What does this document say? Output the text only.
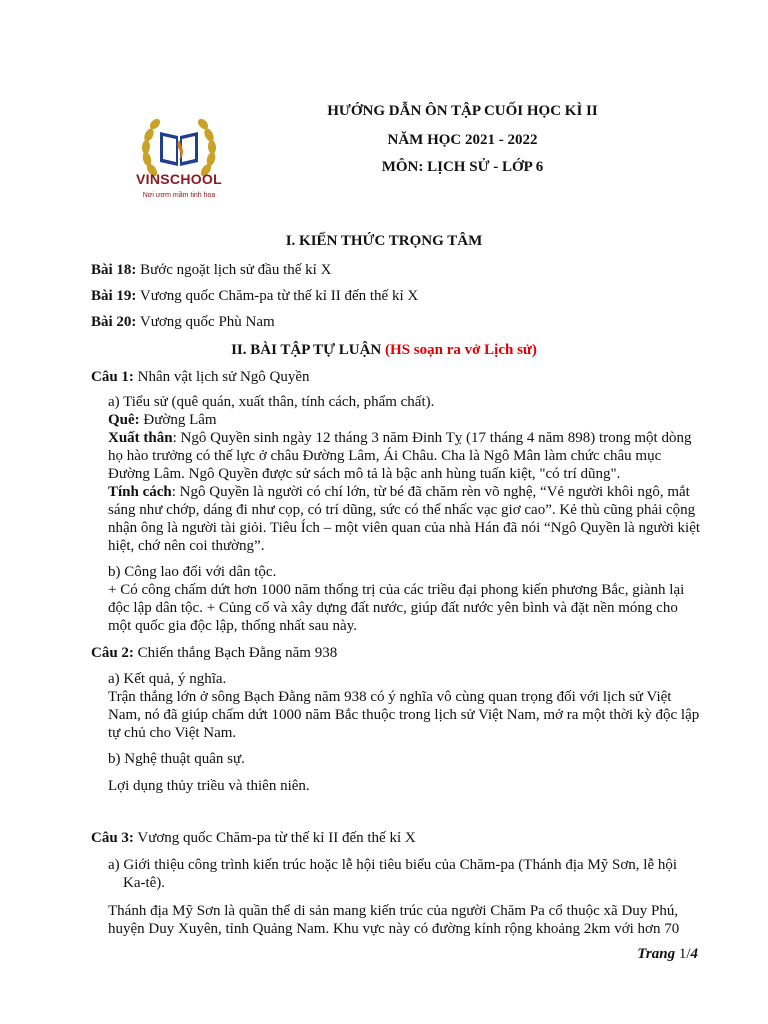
VINSCHOOL
Nơi ươm mầm tinh hoa
HƯỚNG DẪN ÔN TẬP CUỐI HỌC KÌ II
NĂM HỌC 2021 - 2022
MÔN: LỊCH SỬ - LỚP 6
I. KIẾN THỨC TRỌNG TÂM
Bài 18: Bước ngoặt lịch sử đầu thế kỉ X
Bài 19: Vương quốc Chăm-pa từ thế kỉ II đến thế kỉ X
Bài 20: Vương quốc Phù Nam
II. BÀI TẬP TỰ LUẬN (HS soạn ra vở Lịch sử)
Câu 1: Nhân vật lịch sử Ngô Quyền
a) Tiểu sử (quê quán, xuất thân, tính cách, phẩm chất).
Quê: Đường Lâm
Xuất thân: Ngô Quyền sinh ngày 12 tháng 3 năm Đinh Tỵ (17 tháng 4 năm 898) trong một dòng họ hào trưởng có thế lực ở châu Đường Lâm, Ái Châu. Cha là Ngô Mân làm chức châu mục Đường Lâm. Ngô Quyền được sử sách mô tả là bậc anh hùng tuấn kiệt, "có trí dũng".
Tính cách: Ngô Quyền là người có chí lớn, từ bé đã chăm rèn võ nghệ, “Vẻ người khôi ngô, mắt sáng như chớp, dáng đi như cọp, có trí dũng, sức có thể nhấc vạc giơ cao”. Kẻ thù cũng phải cộng nhận ông là người tài giỏi. Tiêu Ích – một viên quan của nhà Hán đã nói “Ngô Quyền là người kiệt hiệt, chớ nên coi thường”.
b) Công lao đối với dân tộc.
+ Có công chấm dứt hơn 1000 năm thống trị của các triều đại phong kiến phương Bắc, giành lại độc lập dân tộc. + Củng cố và xây dựng đất nước, giúp đất nước yên bình và đặt nền móng cho một quốc gia độc lập, thống nhất sau này.
Câu 2: Chiến thắng Bạch Đằng năm 938
a) Kết quả, ý nghĩa.
Trận thắng lớn ở sông Bạch Đằng năm 938 có ý nghĩa vô cùng quan trọng đối với lịch sử Việt Nam, nó đã giúp chấm dứt 1000 năm Bắc thuộc trong lịch sử Việt Nam, mở ra một thời kỳ độc lập tự chủ cho Việt Nam.
b) Nghệ thuật quân sự.
Lợi dụng thủy triều và thiên niên.
Câu 3: Vương quốc Chăm-pa từ thế kỉ II đến thế kỉ X
a) Giới thiệu công trình kiến trúc hoặc lễ hội tiêu biểu của Chăm-pa (Thánh địa Mỹ Sơn, lễ hội Ka-tê).
Thánh địa Mỹ Sơn là quần thể di sản mang kiến trúc của người Chăm Pa cổ thuộc xã Duy Phú, huyện Duy Xuyên, tỉnh Quảng Nam. Khu vực này có đường kính rộng khoảng 2km với hơn 70
Trang 1/4
